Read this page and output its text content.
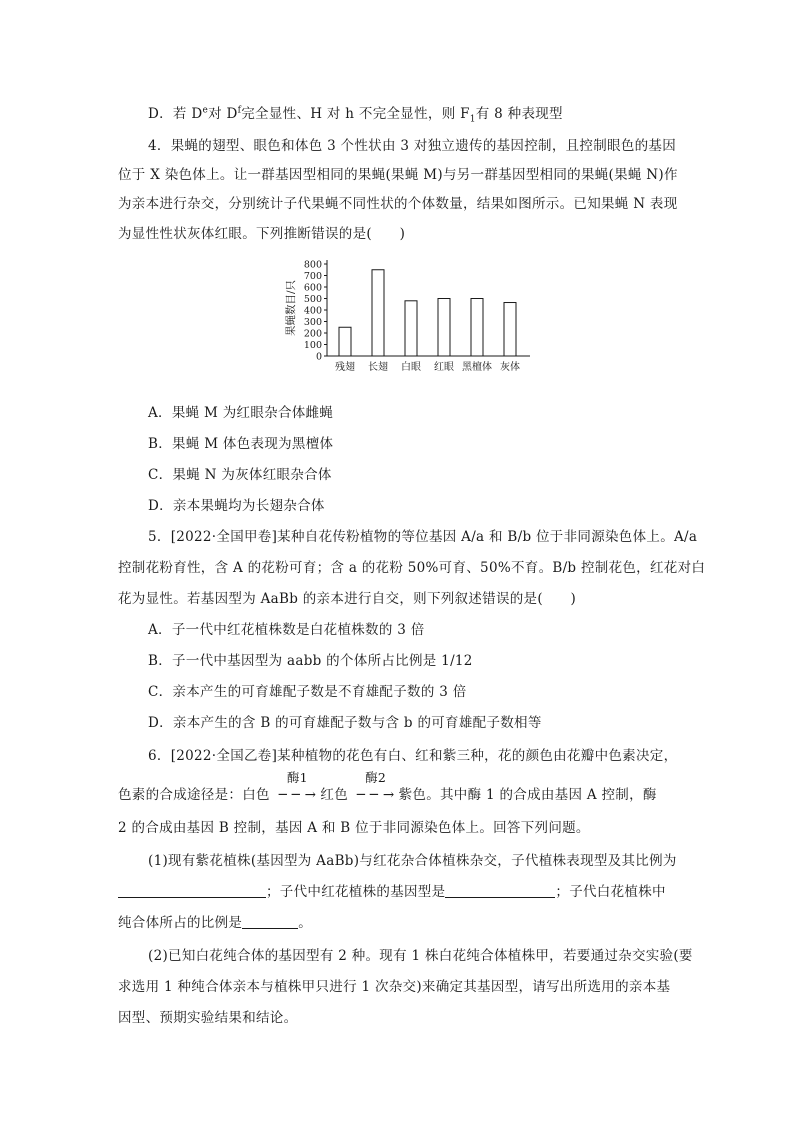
D．若 De对 $D^f$完全显性、H 对 h 不完全显性，则 $F_1$有 8 种表现型
4．果蝇的翅型、眼色和体色 3 个性状由 3 对独立遗传的基因控制，且控制眼色的基因
位于 X 染色体上。让一群基因型相同的果蝇(果蝇 M)与另一群基因型相同的果蝇(果蝇 N)作
为亲本进行杂交，分别统计子代果蝇不同性状的个体数量，结果如图所示。已知果蝇 N 表现
为显性性状灰体红眼。下列推断错误的是(　　)
0
100
200
300
400
500
600
700
800
残翅 长翅 白眼 红眼 黑檀体 灰体
果蝇数目/只
A．果蝇 M 为红眼杂合体雌蝇
B．果蝇 M 体色表现为黑檀体
C．果蝇 N 为灰体红眼杂合体
D．亲本果蝇均为长翅杂合体
5．[2022·全国甲卷]某种自花传粉植物的等位基因 A/a 和 B/b 位于非同源染色体上。A/a
控制花粉育性，含 A 的花粉可育；含 a 的花粉 50%可育、50%不育。B/b 控制花色，红花对白
花为显性。若基因型为 AaBb 的亲本进行自交，则下列叙述错误的是(　　)
A．子一代中红花植株数是白花植株数的 3 倍
B．子一代中基因型为 aabb 的个体所占比例是 1/12
C．亲本产生的可育雄配子数是不育雄配子数的 3 倍
D．亲本产生的含 B 的可育雄配子数与含 b 的可育雄配子数相等
6．[2022·全国乙卷]某种植物的花色有白、红和紫三种，花的颜色由花瓣中色素决定，
色素的合成途径是：白色
酶1
─ ─ → 红色
酶2
─ ─ → 紫色。其中酶 1 的合成由基因 A 控制，酶
2 的合成由基因 B 控制，基因 A 和 B 位于非同源染色体上。回答下列问题。
(1)现有紫花植株(基因型为 AaBb)与红花杂合体植株杂交，子代植株表现型及其比例为
；子代中红花植株的基因型是	；子代白花植株中
纯合体所占的比例是	。
(2)已知白花纯合体的基因型有 2 种。现有 1 株白花纯合体植株甲，若要通过杂交实验(要
求选用 1 种纯合体亲本与植株甲只进行 1 次杂交)来确定其基因型，请写出所选用的亲本基
因型、预期实验结果和结论。
